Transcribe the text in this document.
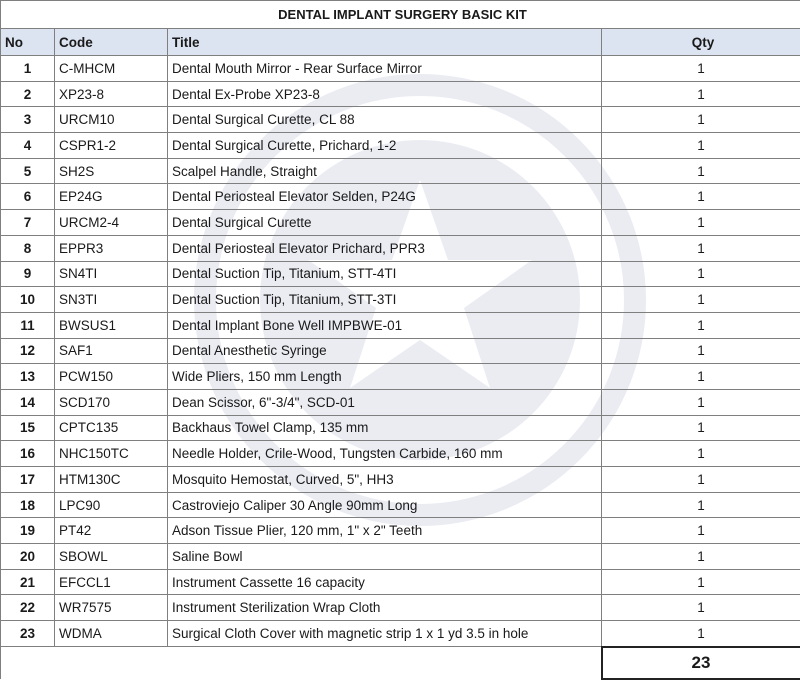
DENTAL IMPLANT SURGERY BASIC KIT			
No	Code	Title	Qty
1	C-MHCM	Dental Mouth Mirror - Rear Surface Mirror	1
2	XP23-8	Dental Ex-Probe XP23-8	1
3	URCM10	Dental Surgical Curette, CL 88	1
4	CSPR1-2	Dental Surgical Curette, Prichard, 1-2	1
5	SH2S	Scalpel Handle, Straight	1
6	EP24G	Dental Periosteal Elevator Selden, P24G	1
7	URCM2-4	Dental Surgical Curette	1
8	EPPR3	Dental Periosteal Elevator Prichard, PPR3	1
9	SN4TI	Dental Suction Tip, Titanium, STT-4TI	1
10	SN3TI	Dental Suction Tip, Titanium, STT-3TI	1
11	BWSUS1	Dental Implant Bone Well IMPBWE-01	1
12	SAF1	Dental Anesthetic Syringe	1
13	PCW150	Wide Pliers, 150 mm Length	1
14	SCD170	Dean Scissor, 6"-3/4", SCD-01	1
15	CPTC135	Backhaus Towel Clamp, 135 mm	1
16	NHC150TC	Needle Holder, Crile-Wood, Tungsten Carbide, 160 mm	1
17	HTM130C	Mosquito Hemostat, Curved, 5", HH3	1
18	LPC90	Castroviejo Caliper 30 Angle 90mm Long	1
19	PT42	Adson Tissue Plier, 120 mm, 1" x 2" Teeth	1
20	SBOWL	Saline Bowl	1
21	EFCCL1	Instrument Cassette 16 capacity	1
22	WR7575	Instrument Sterilization Wrap Cloth	1
23	WDMA	Surgical Cloth Cover with magnetic strip 1 x 1 yd 3.5 in hole	1
			23
